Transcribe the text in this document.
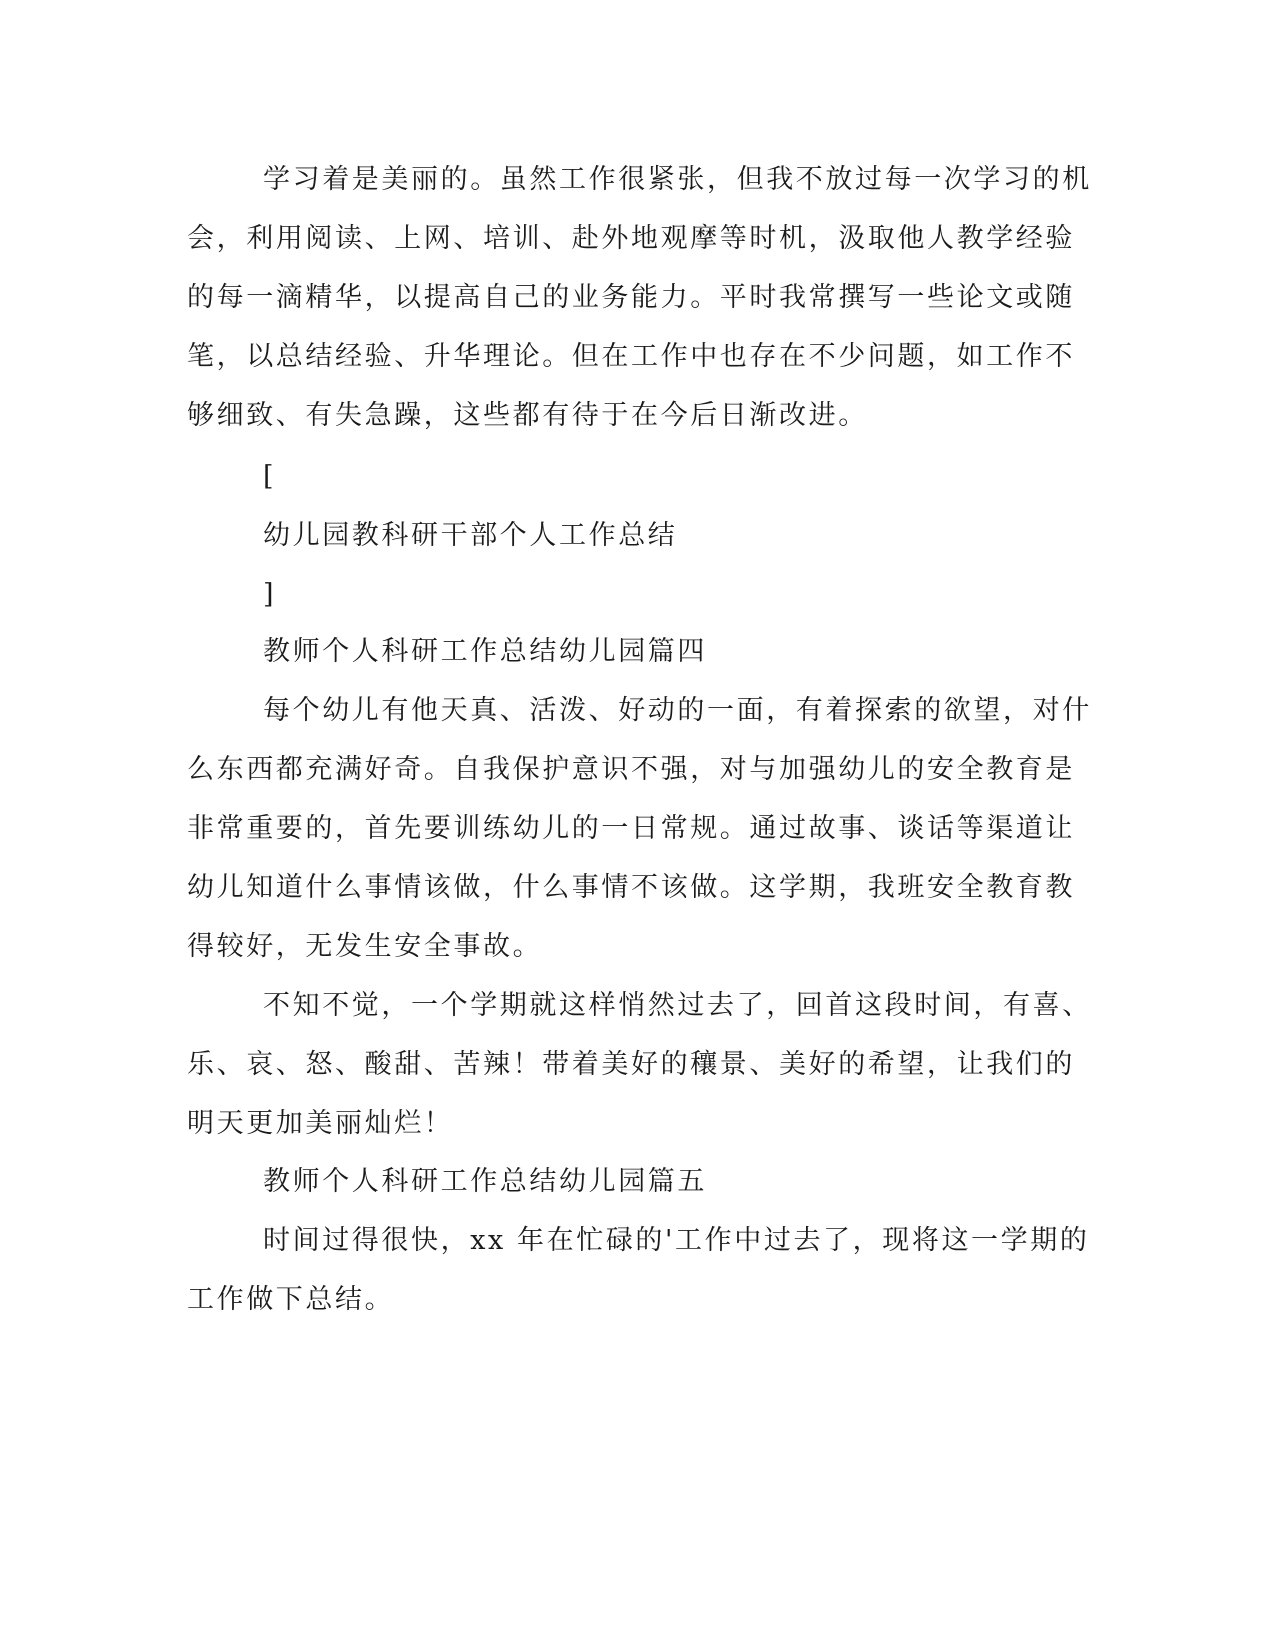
学习着是美丽的。虽然工作很紧张，但我不放过每一次学习的机
会，利用阅读、上网、培训、赴外地观摩等时机，汲取他人教学经验
的每一滴精华，以提高自己的业务能力。平时我常撰写一些论文或随
笔，以总结经验、升华理论。但在工作中也存在不少问题，如工作不
够细致、有失急躁，这些都有待于在今后日渐改进。
[
幼儿园教科研干部个人工作总结
]
教师个人科研工作总结幼儿园篇四
每个幼儿有他天真、活泼、好动的一面，有着探索的欲望，对什
么东西都充满好奇。自我保护意识不强，对与加强幼儿的安全教育是
非常重要的，首先要训练幼儿的一日常规。通过故事、谈话等渠道让
幼儿知道什么事情该做，什么事情不该做。这学期，我班安全教育教
得较好，无发生安全事故。
不知不觉，一个学期就这样悄然过去了，回首这段时间，有喜、
乐、哀、怒、酸甜、苦辣！带着美好的穰景、美好的希望，让我们的
明天更加美丽灿烂！
教师个人科研工作总结幼儿园篇五
时间过得很快，xx 年在忙碌的'工作中过去了，现将这一学期的
工作做下总结。
